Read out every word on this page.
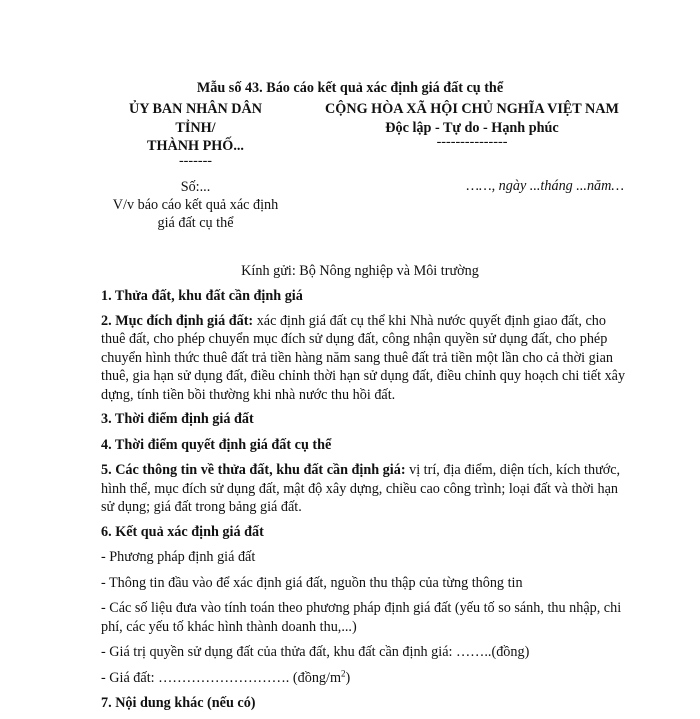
Mẫu số 43. Báo cáo kết quả xác định giá đất cụ thể
ỦY BAN NHÂN DÂN
TỈNH/
THÀNH PHỐ...
-------
CỘNG HÒA XÃ HỘI CHỦ NGHĨA VIỆT NAM
Độc lập - Tự do - Hạnh phúc
---------------
Số:...
V/v báo cáo kết quả xác định
giá đất cụ thể
……, ngày ...tháng ...năm…
Kính gửi: Bộ Nông nghiệp và Môi trường

1. Thửa đất, khu đất cần định giá

2. Mục đích định giá đất: xác định giá đất cụ thể khi Nhà nước quyết định giao đất, cho thuê đất, cho phép chuyển mục đích sử dụng đất, công nhận quyền sử dụng đất, cho phép chuyển hình thức thuê đất trả tiền hàng năm sang thuê đất trả tiền một lần cho cả thời gian thuê, gia hạn sử dụng đất, điều chỉnh thời hạn sử dụng đất, điều chỉnh quy hoạch chi tiết xây dựng, tính tiền bồi thường khi nhà nước thu hồi đất.

3. Thời điểm định giá đất

4. Thời điểm quyết định giá đất cụ thể

5. Các thông tin về thửa đất, khu đất cần định giá: vị trí, địa điểm, diện tích, kích thước, hình thể, mục đích sử dụng đất, mật độ xây dựng, chiều cao công trình; loại đất và thời hạn sử dụng; giá đất trong bảng giá đất.

6. Kết quả xác định giá đất

- Phương pháp định giá đất

- Thông tin đầu vào để xác định giá đất, nguồn thu thập của từng thông tin

- Các số liệu đưa vào tính toán theo phương pháp định giá đất (yếu tố so sánh, thu nhập, chi phí, các yếu tố khác hình thành doanh thu,...)

- Giá trị quyền sử dụng đất của thửa đất, khu đất cần định giá: ……..(đồng)

- Giá đất: ………………………. $(đồng/m^2)$

7. Nội dung khác (nếu có)
